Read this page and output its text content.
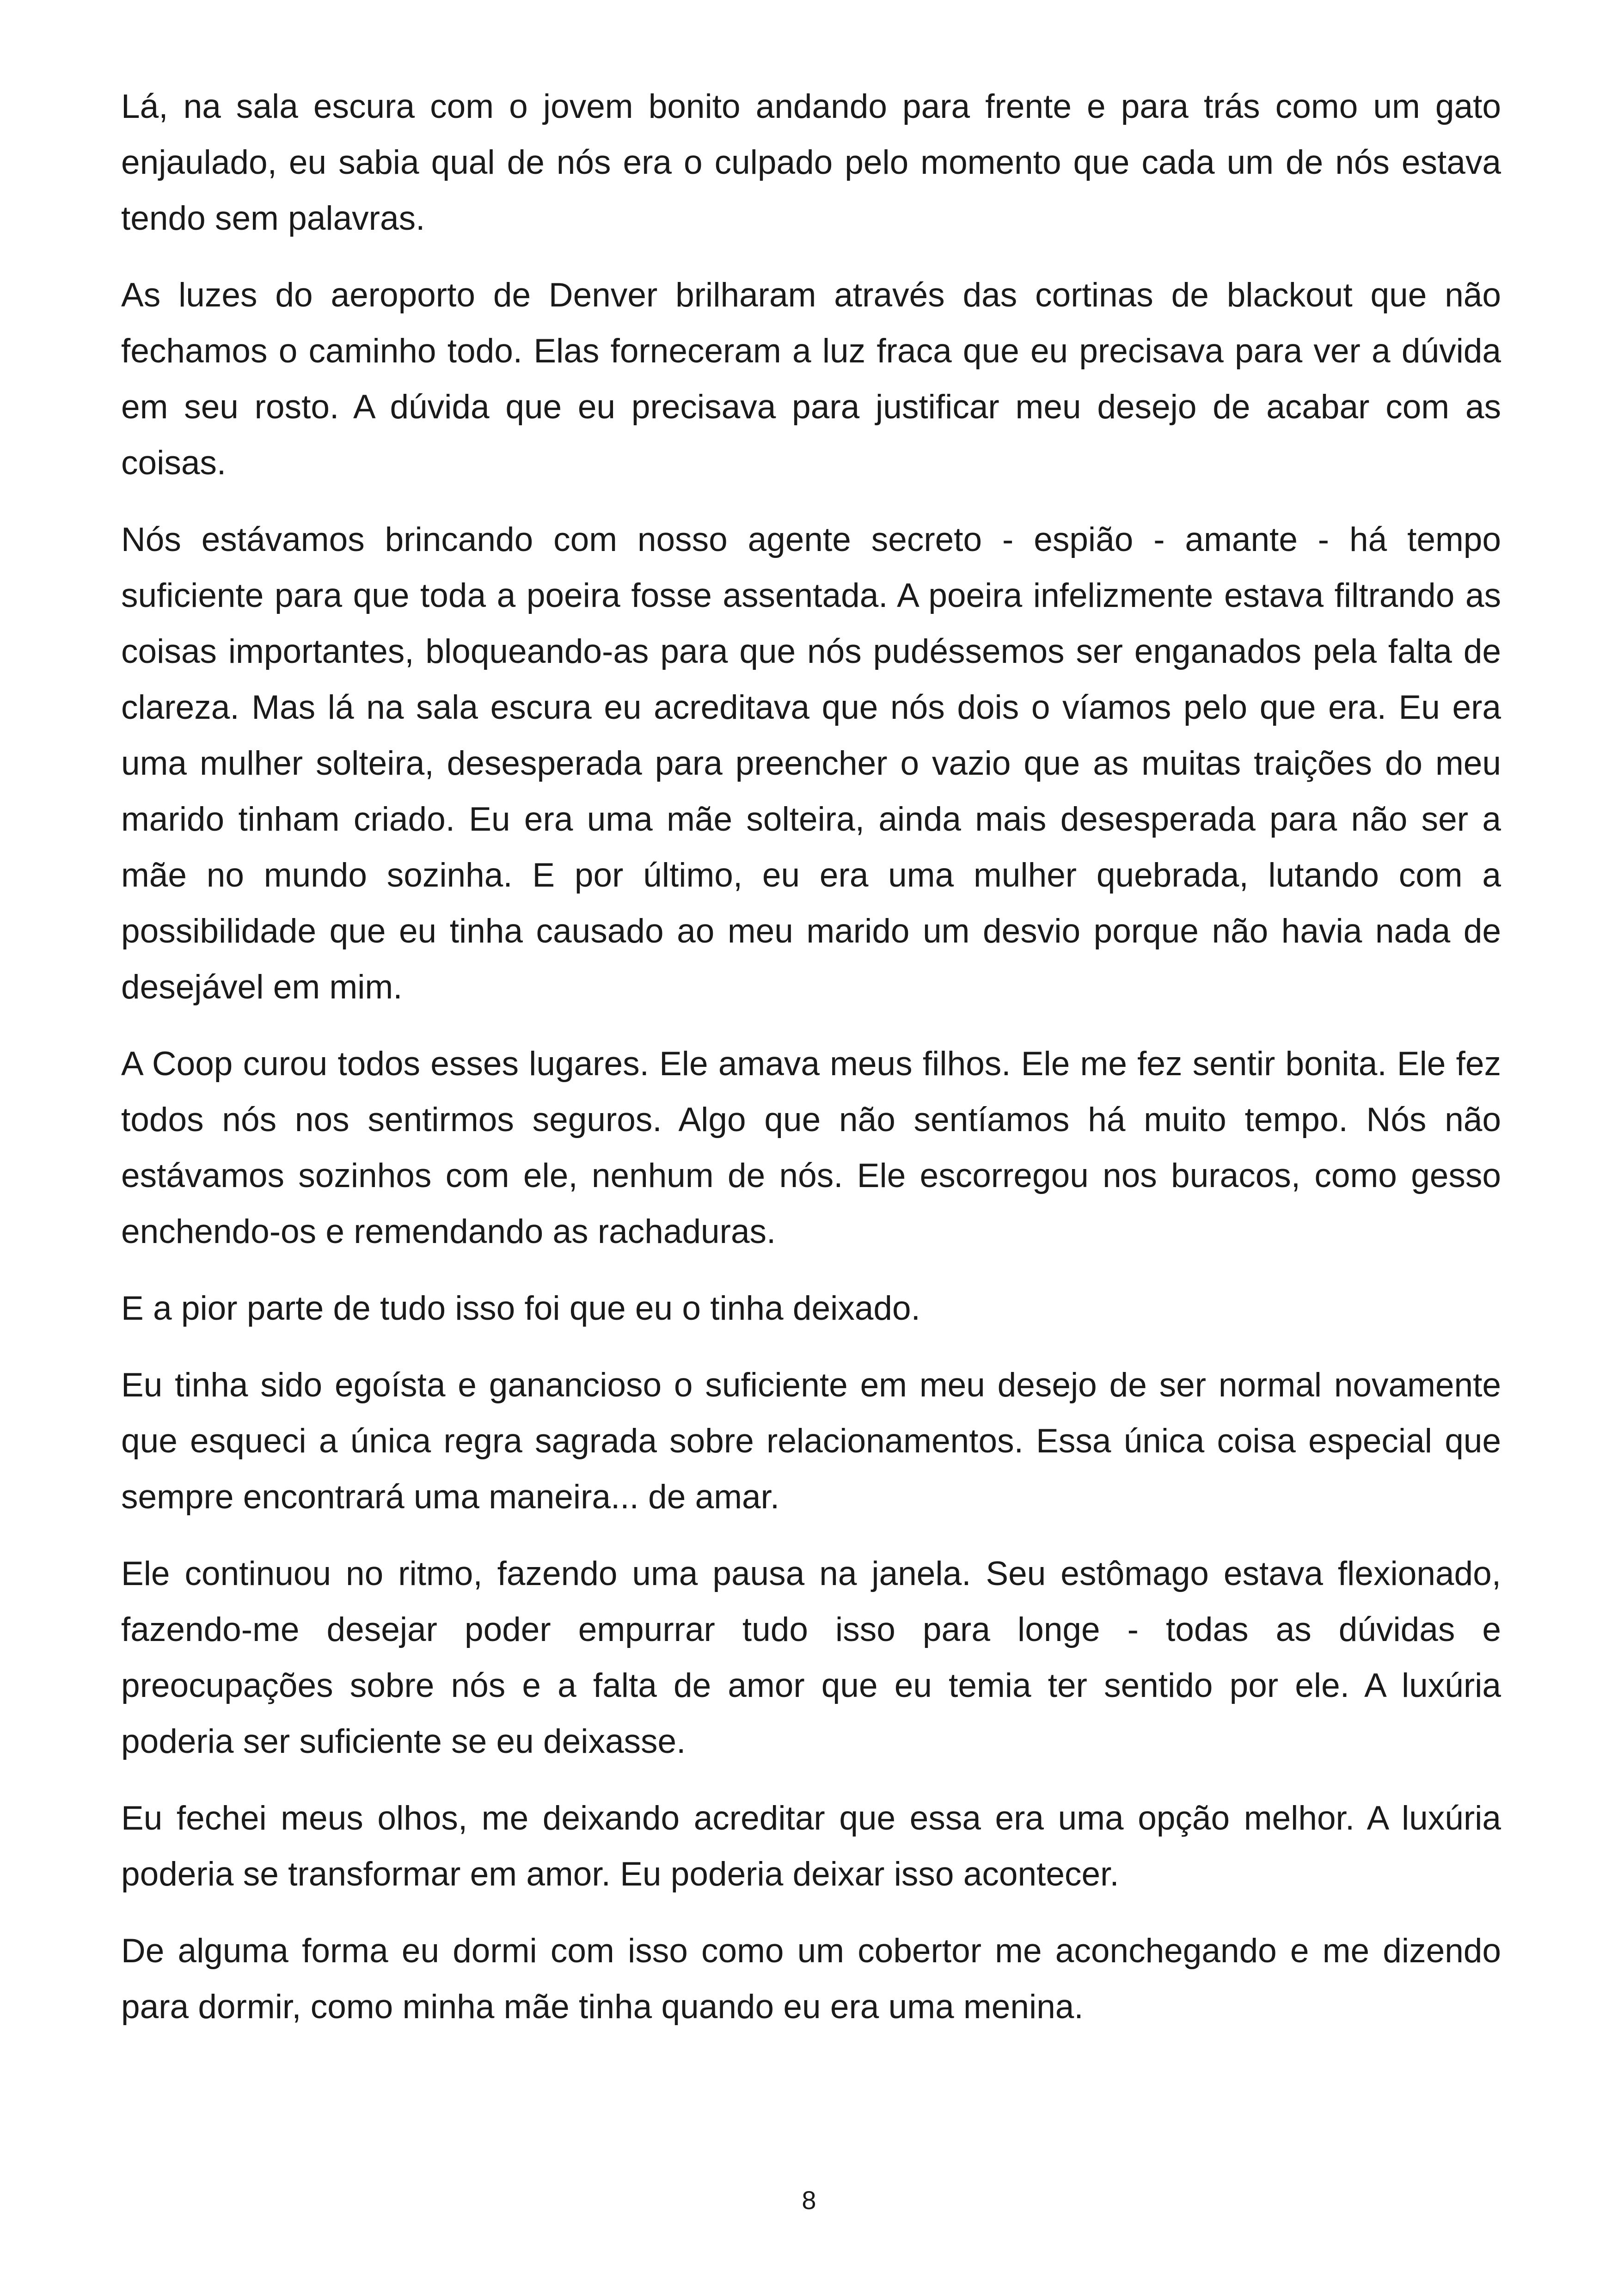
Lá, na sala escura com o jovem bonito andando para frente e para trás como um gato enjaulado, eu sabia qual de nós era o culpado pelo momento que cada um de nós estava tendo sem palavras.

As luzes do aeroporto de Denver brilharam através das cortinas de blackout que não fechamos o caminho todo. Elas forneceram a luz fraca que eu precisava para ver a dúvida em seu rosto. A dúvida que eu precisava para justificar meu desejo de acabar com as coisas.

Nós estávamos brincando com nosso agente secreto - espião - amante - há tempo suficiente para que toda a poeira fosse assentada. A poeira infelizmente estava filtrando as coisas importantes, bloqueando-as para que nós pudéssemos ser enganados pela falta de clareza. Mas lá na sala escura eu acreditava que nós dois o víamos pelo que era. Eu era uma mulher solteira, desesperada para preencher o vazio que as muitas traições do meu marido tinham criado. Eu era uma mãe solteira, ainda mais desesperada para não ser a mãe no mundo sozinha. E por último, eu era uma mulher quebrada, lutando com a possibilidade que eu tinha causado ao meu marido um desvio porque não havia nada de desejável em mim.

A Coop curou todos esses lugares. Ele amava meus filhos. Ele me fez sentir bonita. Ele fez todos nós nos sentirmos seguros. Algo que não sentíamos há muito tempo. Nós não estávamos sozinhos com ele, nenhum de nós. Ele escorregou nos buracos, como gesso enchendo-os e remendando as rachaduras.

E a pior parte de tudo isso foi que eu o tinha deixado.

Eu tinha sido egoísta e ganancioso o suficiente em meu desejo de ser normal novamente que esqueci a única regra sagrada sobre relacionamentos. Essa única coisa especial que sempre encontrará uma maneira... de amar.

Ele continuou no ritmo, fazendo uma pausa na janela. Seu estômago estava flexionado, fazendo-me desejar poder empurrar tudo isso para longe - todas as dúvidas e preocupações sobre nós e a falta de amor que eu temia ter sentido por ele. A luxúria poderia ser suficiente se eu deixasse.

Eu fechei meus olhos, me deixando acreditar que essa era uma opção melhor. A luxúria poderia se transformar em amor. Eu poderia deixar isso acontecer.

De alguma forma eu dormi com isso como um cobertor me aconchegando e me dizendo para dormir, como minha mãe tinha quando eu era uma menina.

8
